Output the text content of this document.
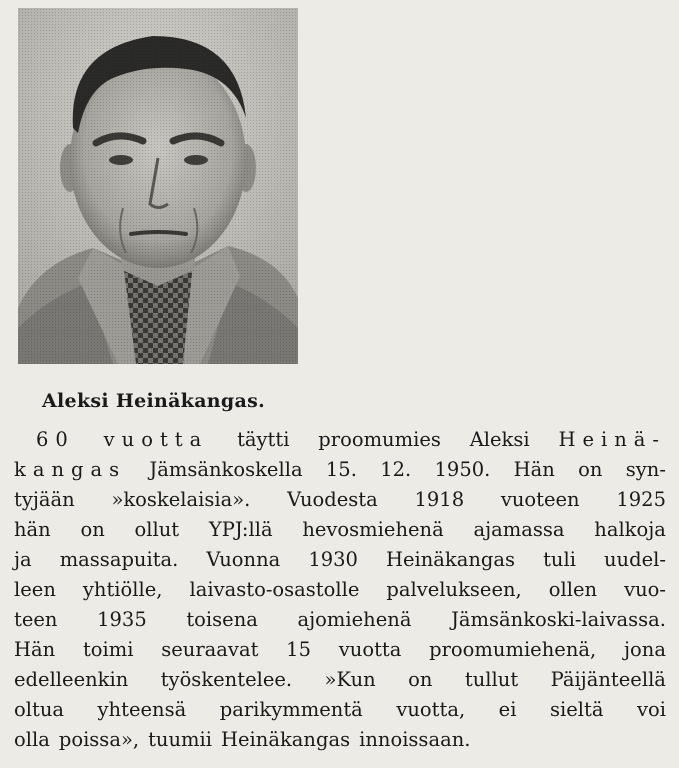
Aleksi Heinäkangas.
60 vuotta täytti proomumies Aleksi Heinä-
kangas Jämsänkoskella 15. 12. 1950. Hän on syn-
tyjään »koskelaisia». Vuodesta 1918 vuoteen 1925
hän on ollut YPJ:llä hevosmiehenä ajamassa halkoja
ja massapuita. Vuonna 1930 Heinäkangas tuli uudel-
leen yhtiölle, laivasto-osastolle palvelukseen, ollen vuo-
teen 1935 toisena ajomiehenä Jämsänkoski-laivassa.
Hän toimi seuraavat 15 vuotta proomumiehenä, jona
edelleenkin työskentelee. »Kun on tullut Päijänteellä
oltua yhteensä parikymmentä vuotta, ei sieltä voi
olla poissa», tuumii Heinäkangas innoissaan.
